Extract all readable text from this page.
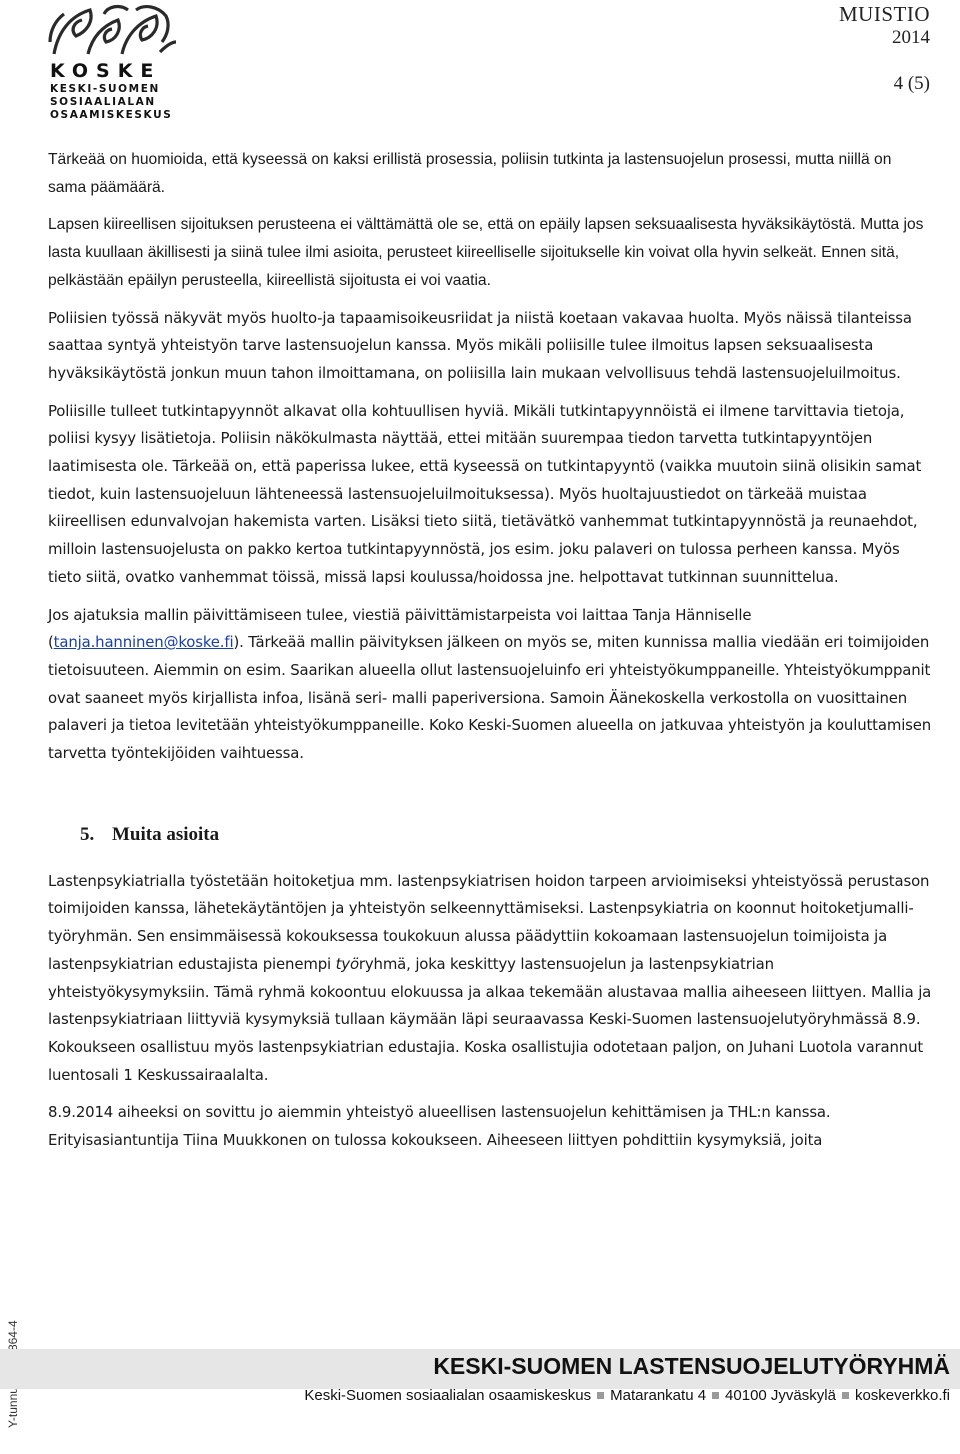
KOSKE
KESKI-SUOMEN
SOSIAALIALAN
OSAAMISKESKUS
MUISTIO
2014
4 (5)

Tärkeää on huomioida, että kyseessä on kaksi erillistä prosessia, poliisin tutkinta ja lastensuojelun prosessi, mutta niillä on sama päämäärä.

Lapsen kiireellisen sijoituksen perusteena ei välttämättä ole se, että on epäily lapsen seksuaalisesta hyväksikäytöstä. Mutta jos lasta kuullaan äkillisesti ja siinä tulee ilmi asioita, perusteet kiireelliselle sijoitukselle kin voivat olla hyvin selkeät. Ennen sitä, pelkästään epäilyn perusteella, kiireellistä sijoitusta ei voi vaatia.

Poliisien työssä näkyvät myös huolto-ja tapaamisoikeusriidat ja niistä koetaan vakavaa huolta. Myös näissä tilanteissa saattaa syntyä yhteistyön tarve lastensuojelun kanssa. Myös mikäli poliisille tulee ilmoitus lapsen seksuaalisesta hyväksikäytöstä jonkun muun tahon ilmoittamana, on poliisilla lain mukaan velvollisuus tehdä lastensuojeluilmoitus.

Poliisille tulleet tutkintapyynnöt alkavat olla kohtuullisen hyviä. Mikäli tutkintapyynnöistä ei ilmene tarvittavia tietoja, poliisi kysyy lisätietoja. Poliisin näkökulmasta näyttää, ettei mitään suurempaa tiedon tarvetta tutkintapyyntöjen laatimisesta ole. Tärkeää on, että paperissa lukee, että kyseessä on tutkintapyyntö (vaikka muutoin siinä olisikin samat tiedot, kuin lastensuojeluun lähteneessä lastensuojeluilmoituksessa). Myös huoltajuustiedot on tärkeää muistaa kiireellisen edunvalvojan hakemista varten. Lisäksi tieto siitä, tietävätkö vanhemmat tutkintapyynnöstä ja reunaehdot, milloin lastensuojelusta on pakko kertoa tutkintapyynnöstä, jos esim. joku palaveri on tulossa perheen kanssa. Myös tieto siitä, ovatko vanhemmat töissä, missä lapsi koulussa/hoidossa jne. helpottavat tutkinnan suunnittelua.

Jos ajatuksia mallin päivittämiseen tulee, viestiä päivittämistarpeista voi laittaa Tanja Hänniselle (tanja.hanninen@koske.fi). Tärkeää mallin päivityksen jälkeen on myös se, miten kunnissa mallia viedään eri toimijoiden tietoisuuteen. Aiemmin on esim. Saarikan alueella ollut lastensuojeluinfo eri yhteistyökumppaneille. Yhteistyökumppanit ovat saaneet myös kirjallista infoa, lisänä seri- malli paperiversiona. Samoin Äänekoskella verkostolla on vuosittainen palaveri ja tietoa levitetään yhteistyökumppaneille. Koko Keski-Suomen alueella on jatkuvaa yhteistyön ja kouluttamisen tarvetta työntekijöiden vaihtuessa.

5. Muita asioita

Lastenpsykiatrialla työstetään hoitoketjua mm. lastenpsykiatrisen hoidon tarpeen arvioimiseksi yhteistyössä perustason toimijoiden kanssa, lähetekäytäntöjen ja yhteistyön selkeennyttämiseksi. Lastenpsykiatria on koonnut hoitoketjumalli-työryhmän. Sen ensimmäisessä kokouksessa toukokuun alussa päädyttiin kokoamaan lastensuojelun toimijoista ja lastenpsykiatrian edustajista pienempi työryhmä, joka keskittyy lastensuojelun ja lastenpsykiatrian yhteistyökysymyksiin. Tämä ryhmä kokoontuu elokuussa ja alkaa tekemään alustavaa mallia aiheeseen liittyen. Mallia ja lastenpsykiatriaan liittyviä kysymyksiä tullaan käymään läpi seuraavassa Keski-Suomen lastensuojelutyöryhmässä 8.9. Kokoukseen osallistuu myös lastenpsykiatrian edustajia. Koska osallistujia odotetaan paljon, on Juhani Luotola varannut luentosali 1 Keskussairaalalta.

8.9.2014 aiheeksi on sovittu jo aiemmin yhteistyö alueellisen lastensuojelun kehittämisen ja THL:n kanssa. Erityisasiantuntija Tiina Muukkonen on tulossa kokoukseen. Aiheeseen liittyen pohdittiin kysymyksiä, joita

KESKI-SUOMEN LASTENSUOJELUTYÖRYHMÄ
Keski-Suomen sosiaalialan osaamiskeskus Matarankatu 4 40100 Jyväskylä koskeverkko.fi
